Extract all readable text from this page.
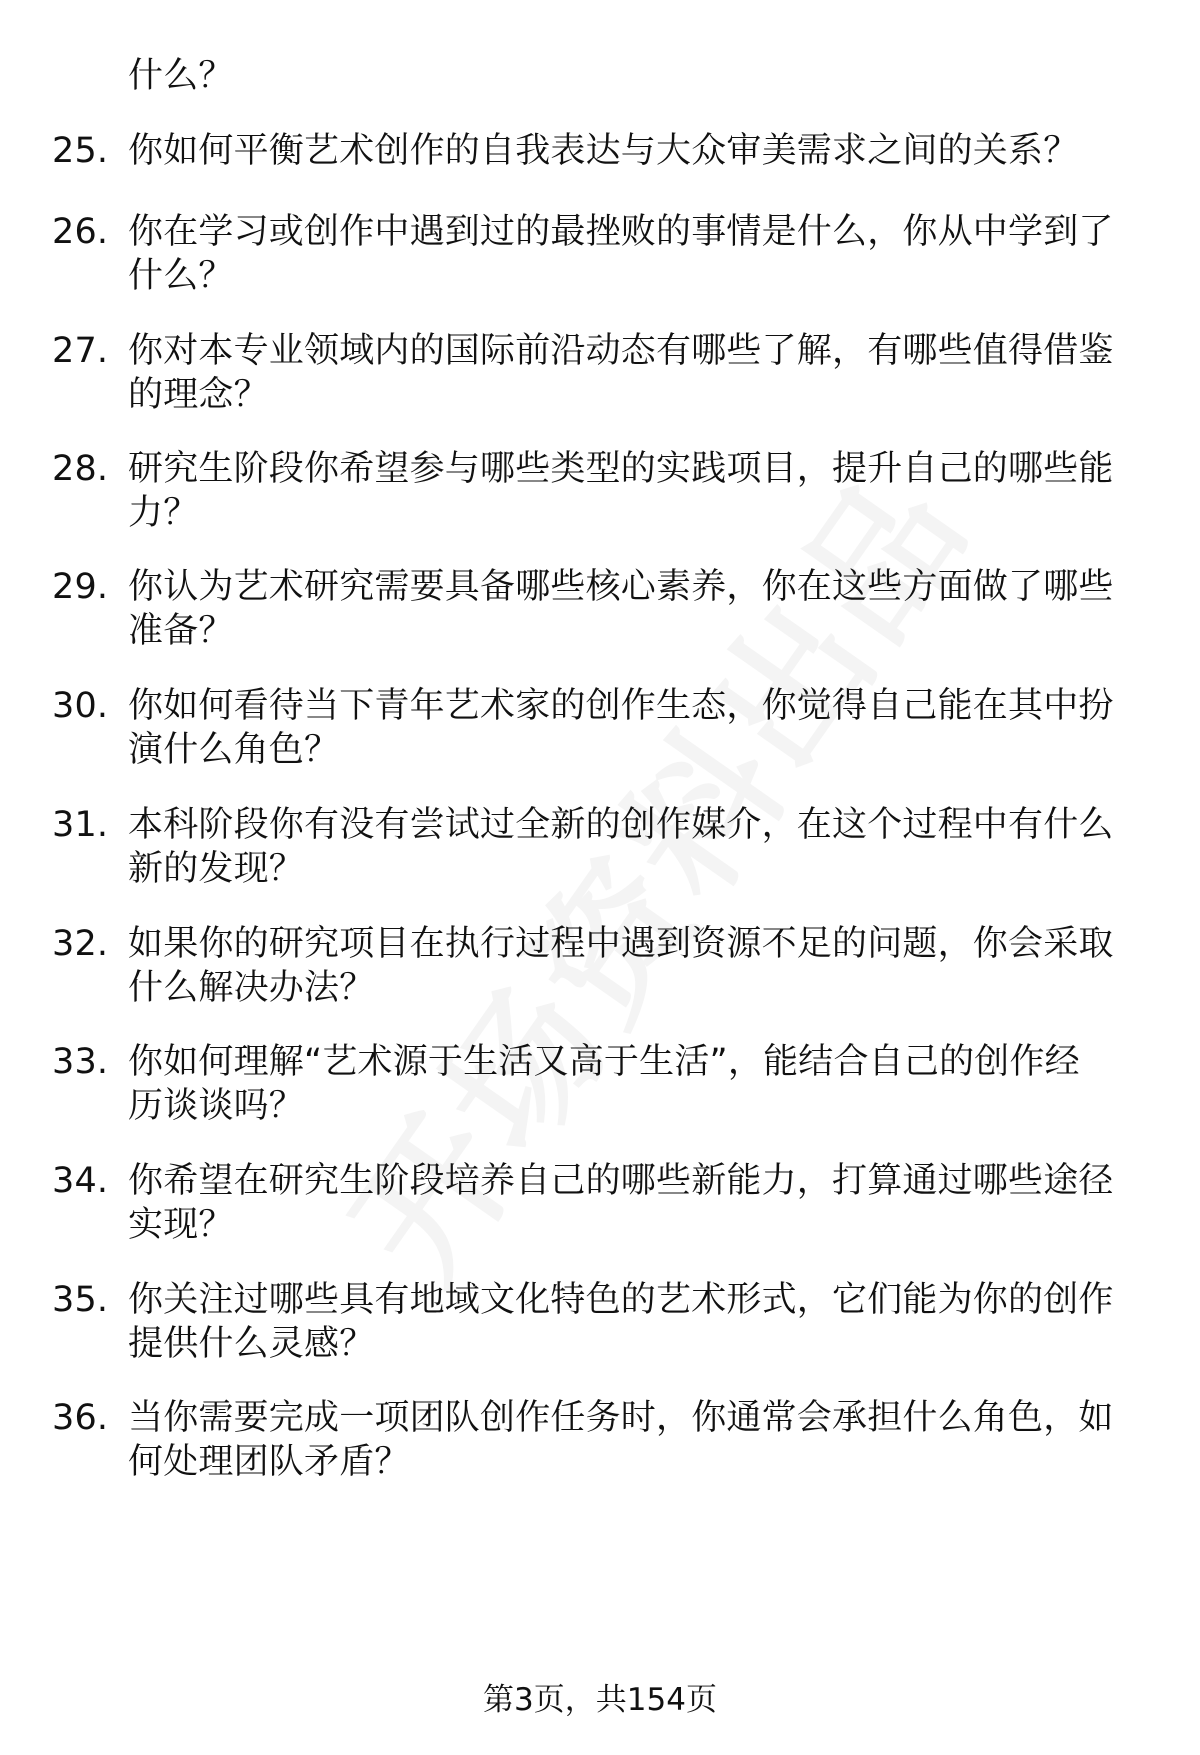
什么？
25. 你如何平衡艺术创作的自我表达与大众审美需求之间的关系？
26. 你在学习或创作中遇到过的最挫败的事情是什么，你从中学到了
什么？
27. 你对本专业领域内的国际前沿动态有哪些了解，有哪些值得借鉴
的理念？
28. 研究生阶段你希望参与哪些类型的实践项目，提升自己的哪些能
力？
29. 你认为艺术研究需要具备哪些核心素养，你在这些方面做了哪些
准备？
30. 你如何看待当下青年艺术家的创作生态，你觉得自己能在其中扮
演什么角色？
31. 本科阶段你有没有尝试过全新的创作媒介，在这个过程中有什么
新的发现？
32. 如果你的研究项目在执行过程中遇到资源不足的问题，你会采取
什么解决办法？
33. 你如何理解“艺术源于生活又高于生活”，能结合自己的创作经
历谈谈吗？
34. 你希望在研究生阶段培养自己的哪些新能力，打算通过哪些途径
实现？
35. 你关注过哪些具有地域文化特色的艺术形式，它们能为你的创作
提供什么灵感？
36. 当你需要完成一项团队创作任务时，你通常会承担什么角色，如
何处理团队矛盾？
第3页，共154页
